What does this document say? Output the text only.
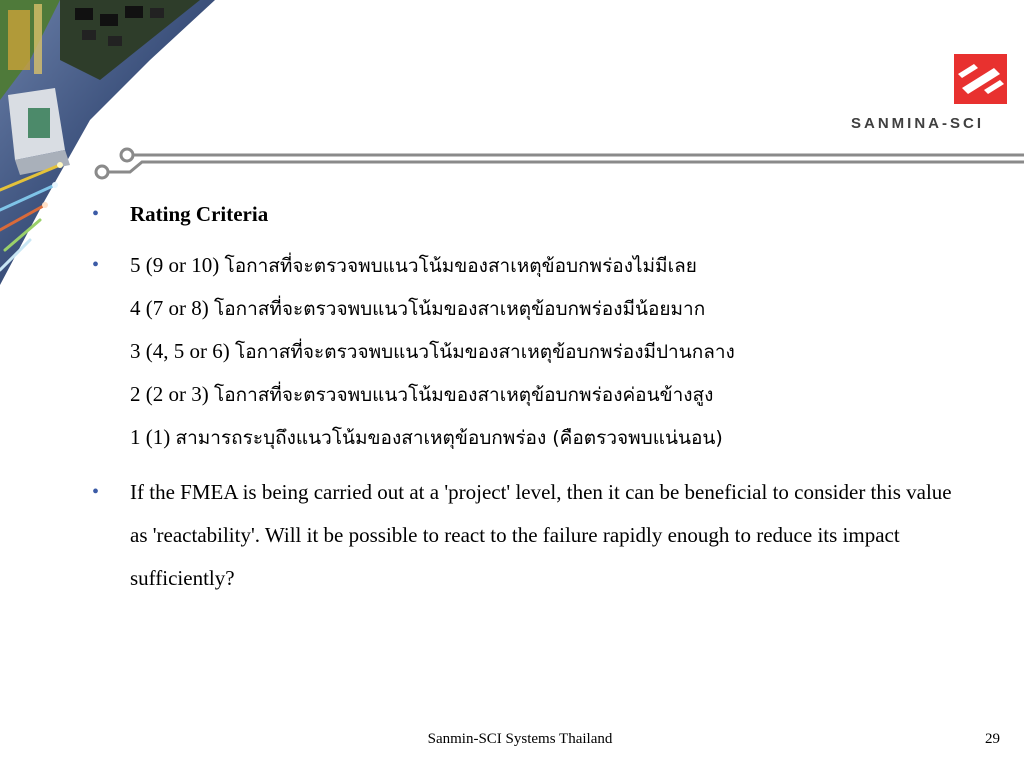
SANMINA-SCI
• Rating Criteria
• 5 (9 or 10) โอกาสที่จะตรวจพบแนวโน้มของสาเหตุข้อบกพร่องไม่มีเลย
4 (7 or 8) โอกาสที่จะตรวจพบแนวโน้มของสาเหตุข้อบกพร่องมีน้อยมาก
3 (4, 5 or 6) โอกาสที่จะตรวจพบแนวโน้มของสาเหตุข้อบกพร่องมีปานกลาง
2 (2 or 3) โอกาสที่จะตรวจพบแนวโน้มของสาเหตุข้อบกพร่องค่อนข้างสูง
1 (1) สามารถระบุถึงแนวโน้มของสาเหตุข้อบกพร่อง (คือตรวจพบแน่นอน)
• If the FMEA is being carried out at a 'project' level, then it can be beneficial to consider this value as 'reactability'. Will it be possible to react to the failure rapidly enough to reduce its impact sufficiently?
Sanmin-SCI Systems Thailand	29
